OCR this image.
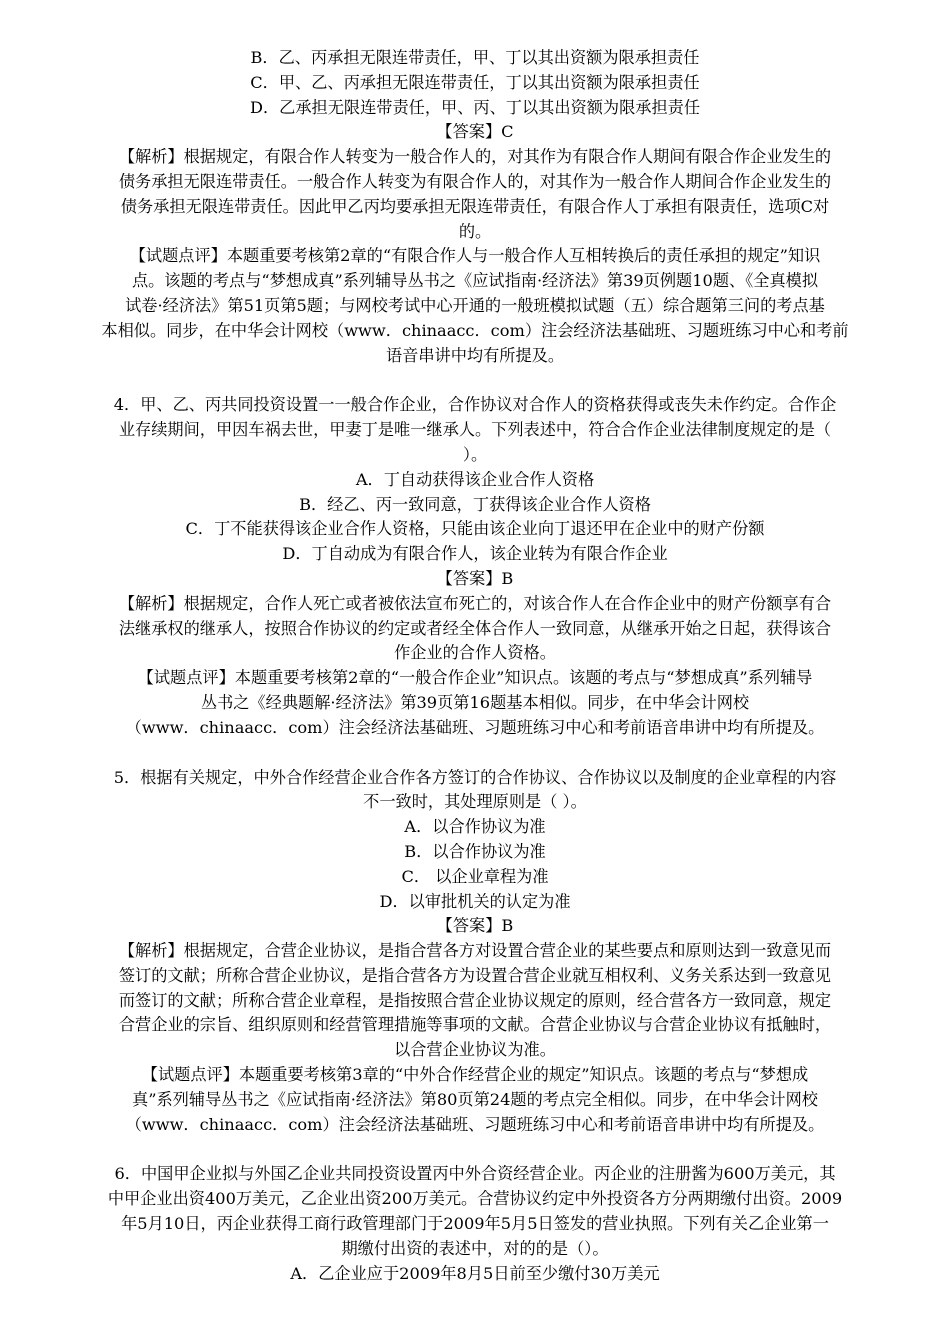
B．乙、丙承担无限连带责任，甲、丁以其出资额为限承担责任
C．甲、乙、丙承担无限连带责任，丁以其出资额为限承担责任
D．乙承担无限连带责任，甲、丙、丁以其出资额为限承担责任
【答案】C
【解析】根据规定，有限合作人转变为一般合作人的，对其作为有限合作人期间有限合作企业发生的
债务承担无限连带责任。一般合作人转变为有限合作人的，对其作为一般合作人期间合作企业发生的
债务承担无限连带责任。因此甲乙丙均要承担无限连带责任，有限合作人丁承担有限责任，选项C对
的。
【试题点评】本题重要考核第2章的“有限合作人与一般合作人互相转换后的责任承担的规定”知识
点。该题的考点与“梦想成真”系列辅导丛书之《应试指南·经济法》第39页例题10题、《全真模拟
试卷·经济法》第51页第5题；与网校考试中心开通的一般班模拟试题（五）综合题第三问的考点基
本相似。同步，在中华会计网校（www．chinaacc．com）注会经济法基础班、习题班练习中心和考前
语音串讲中均有所提及。
4．甲、乙、丙共同投资设置一一般合作企业，合作协议对合作人的资格获得或丧失未作约定。合作企
业存续期间，甲因车祸去世，甲妻丁是唯一继承人。下列表述中，符合合作企业法律制度规定的是（
）。
A．丁自动获得该企业合作人资格
B．经乙、丙一致同意，丁获得该企业合作人资格
C．丁不能获得该企业合作人资格，只能由该企业向丁退还甲在企业中的财产份额
D．丁自动成为有限合作人，该企业转为有限合作企业
【答案】B
【解析】根据规定，合作人死亡或者被依法宣布死亡的，对该合作人在合作企业中的财产份额享有合
法继承权的继承人，按照合作协议的约定或者经全体合作人一致同意，从继承开始之日起，获得该合
作企业的合作人资格。
【试题点评】本题重要考核第2章的“一般合作企业”知识点。该题的考点与“梦想成真”系列辅导
丛书之《经典题解·经济法》第39页第16题基本相似。同步，在中华会计网校
（www．chinaacc．com）注会经济法基础班、习题班练习中心和考前语音串讲中均有所提及。
5．根据有关规定，中外合作经营企业合作各方签订的合作协议、合作协议以及制度的企业章程的内容
不一致时，其处理原则是（ ）。
A．以合作协议为准
B．以合作协议为准
C． 以企业章程为准
D．以审批机关的认定为准
【答案】B
【解析】根据规定，合营企业协议，是指合营各方对设置合营企业的某些要点和原则达到一致意见而
签订的文献；所称合营企业协议，是指合营各方为设置合营企业就互相权利、义务关系达到一致意见
而签订的文献；所称合营企业章程，是指按照合营企业协议规定的原则，经合营各方一致同意，规定
合营企业的宗旨、组织原则和经营管理措施等事项的文献。合营企业协议与合营企业协议有抵触时，
以合营企业协议为准。
【试题点评】本题重要考核第3章的“中外合作经营企业的规定”知识点。该题的考点与“梦想成
真”系列辅导丛书之《应试指南·经济法》第80页第24题的考点完全相似。同步，在中华会计网校
（www．chinaacc．com）注会经济法基础班、习题班练习中心和考前语音串讲中均有所提及。
6．中国甲企业拟与外国乙企业共同投资设置丙中外合资经营企业。丙企业的注册酱为600万美元，其
中甲企业出资400万美元，乙企业出资200万美元。合营协议约定中外投资各方分两期缴付出资。2009
年5月10日，丙企业获得工商行政管理部门于2009年5月5日签发的营业执照。下列有关乙企业第一
期缴付出资的表述中，对的的是（）。
A．乙企业应于2009年8月5日前至少缴付30万美元
